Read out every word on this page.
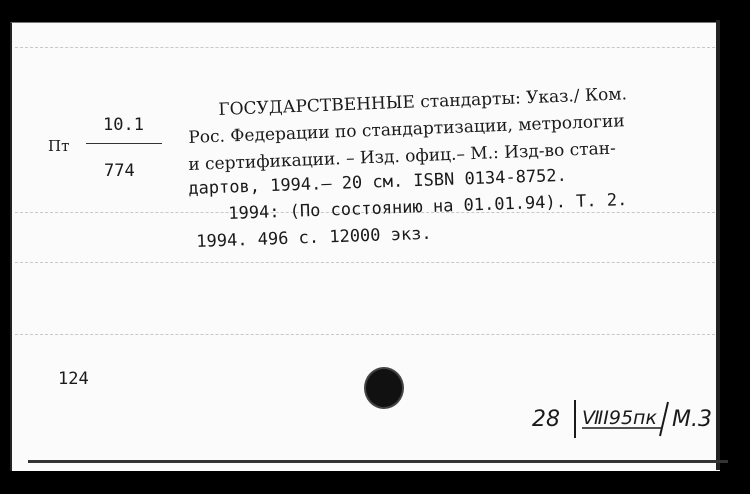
Пт
10.1
774
ГОСУДАРСТВЕННЫЕ стандарты: Указ./ Ком.
Рос. Федерации по стандартизации, метрологии
и сертификации. – Изд. офиц.– М.: Изд-во стан-
дартов, 1994.– 20 см. ISBN 0134-8752.
1994: (По состоянию на 01.01.94). Т. 2.
1994. 496 с. 12000 экз.
124
28 ⅦI95пк М.3
